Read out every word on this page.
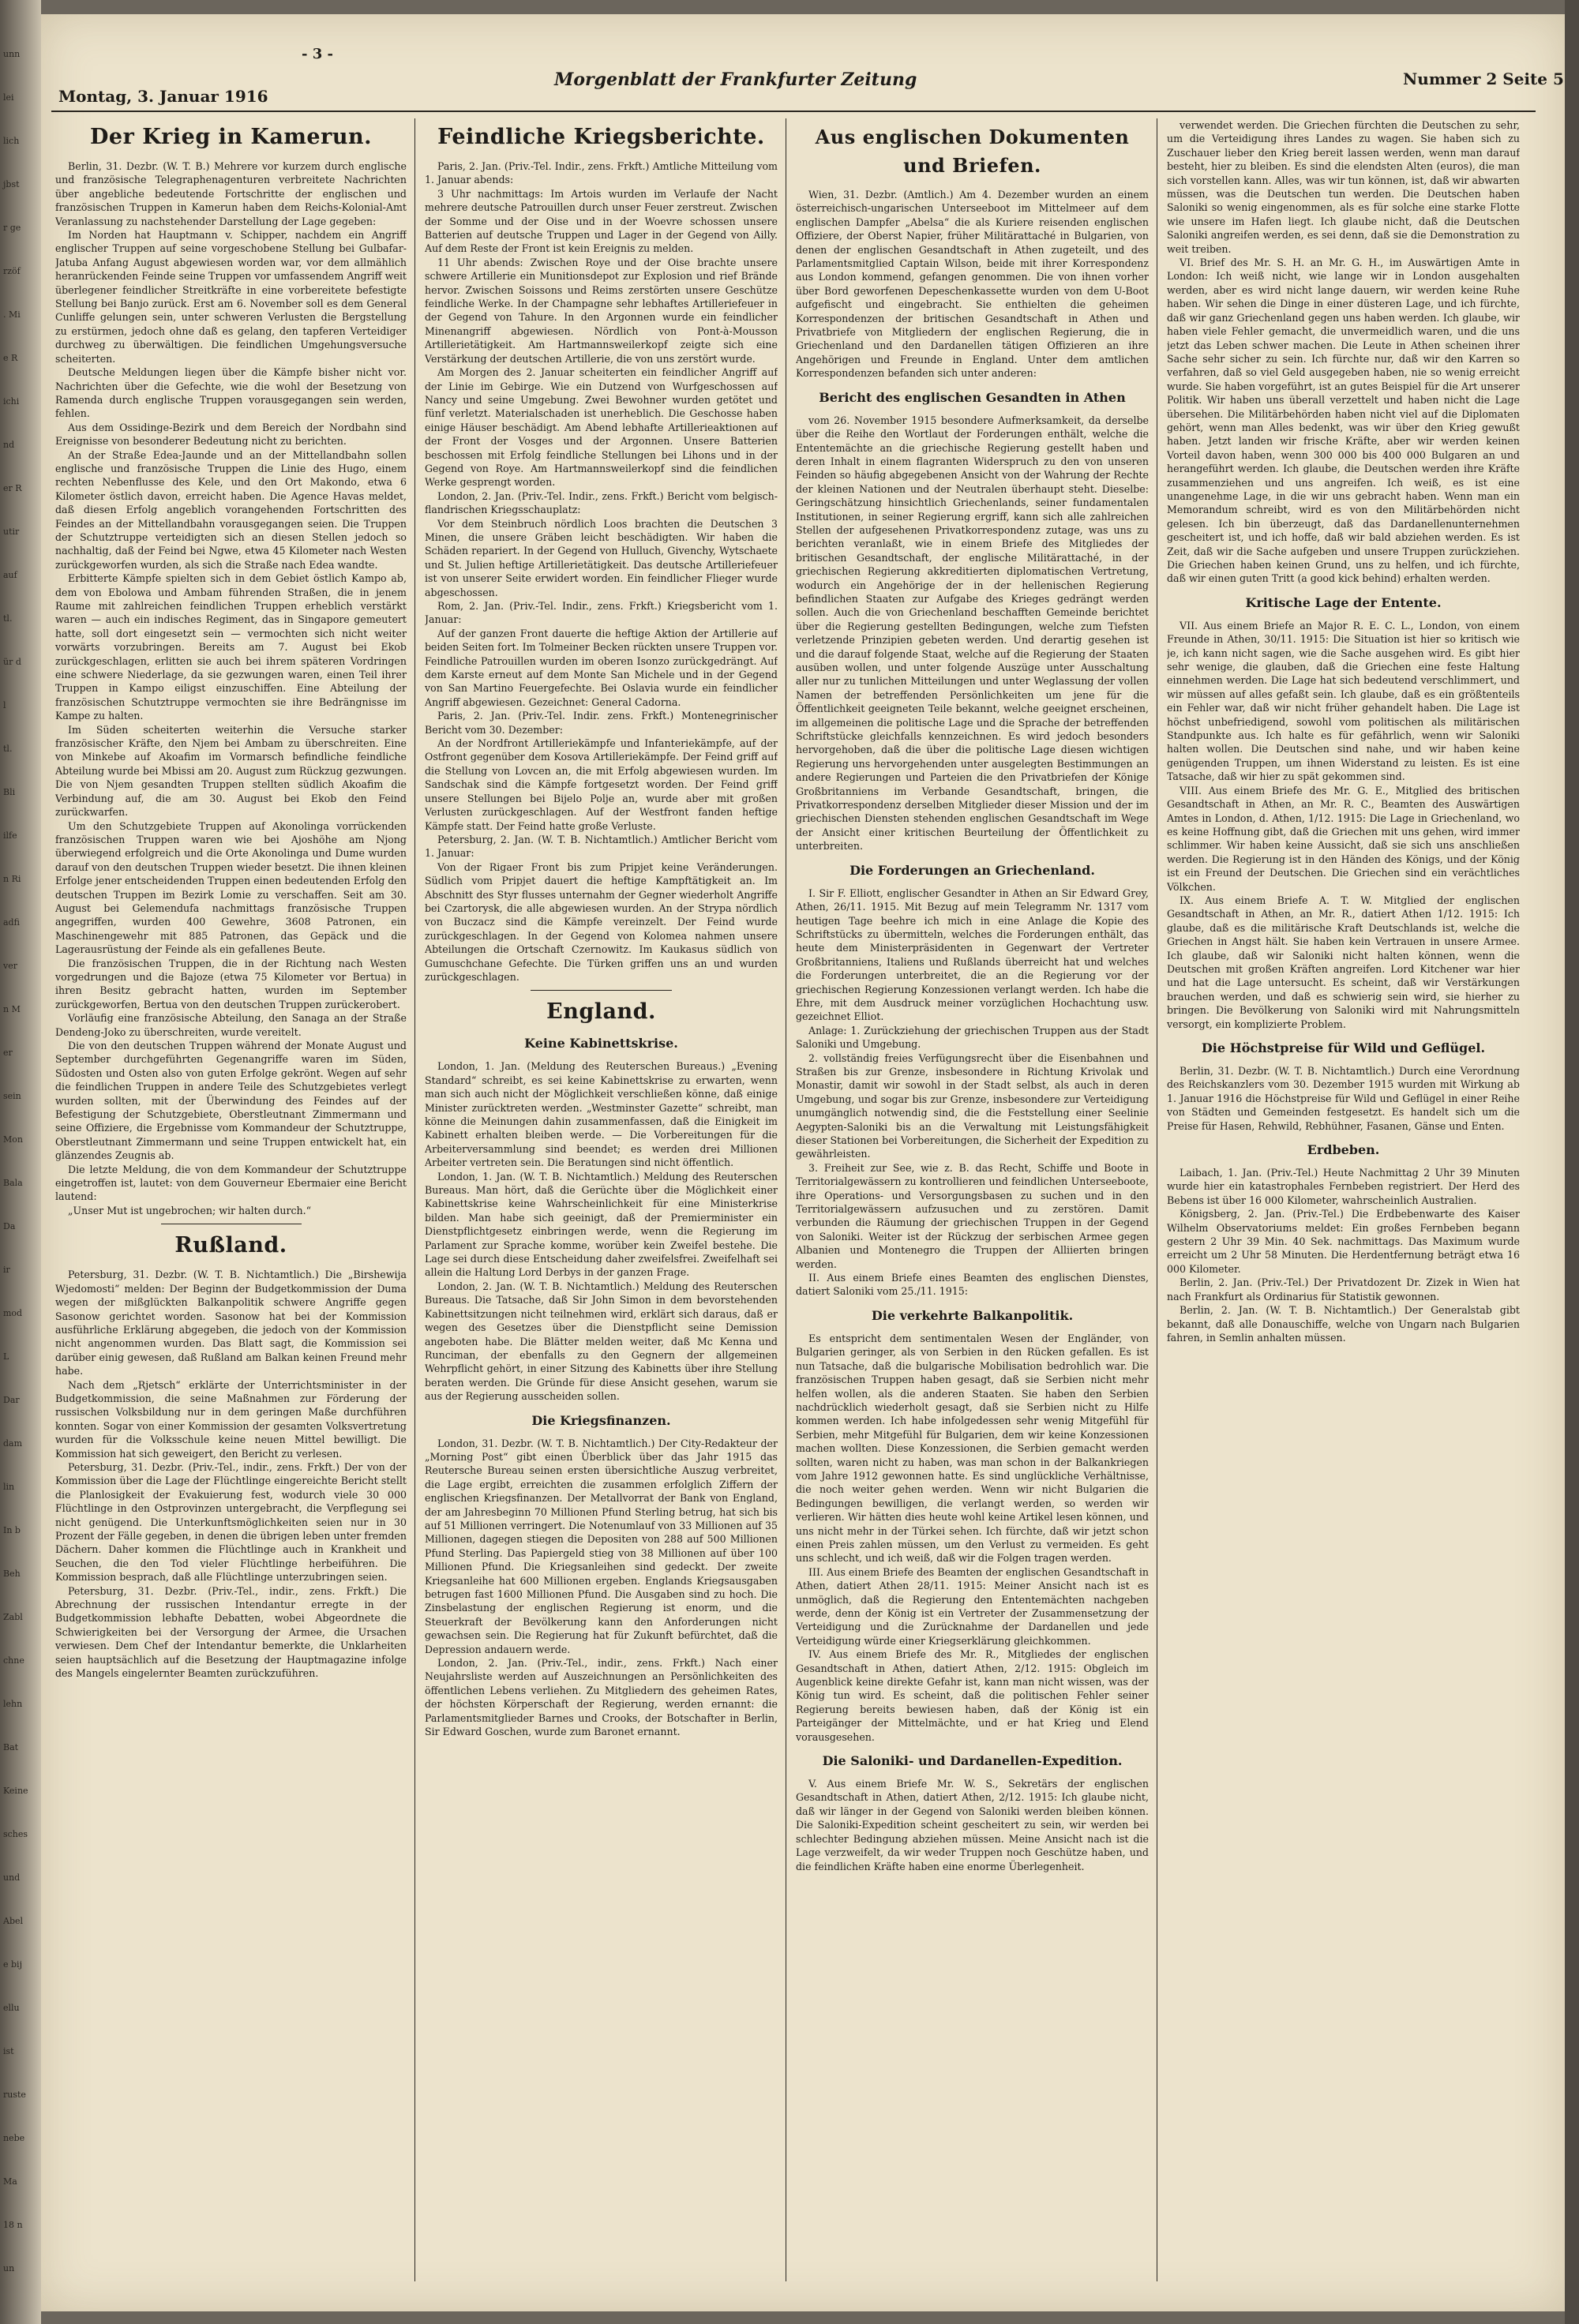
unn
lei
lich
jbst
r ge
rzöf
. Mi
e R
ichi
nd
er R
utir
auf
tl.
ür d
l
tl.
Bli
ilfe
n Ri
adfi
ver
n M
er
sein
Mon
Bala
Da
ir
mod
L
Dar
dam
lin
In b
Beh
Zabl
chne
lehn
Bat
Keine
sches
und
Abel
e bij
ellu
ist
ruste
nebe
Ma
18 n
un
- 3 -
Morgenblatt der Frankfurter Zeitung
Montag, 3. Januar 1916
Nummer 2 Seite 5
Der Krieg in Kamerun.

Berlin, 31. Dezbr. (W. T. B.) Mehrere vor kurzem durch englische und französische Telegraphenagenturen verbreitete Nachrichten über angebliche bedeutende Fortschritte der englischen und französischen Truppen in Kamerun haben dem Reichs-Kolonial-Amt Veranlassung zu nachstehender Darstellung der Lage gegeben:

Im Norden hat Hauptmann v. Schipper, nachdem ein Angriff englischer Truppen auf seine vorgeschobene Stellung bei Gulbafar-Jatuba Anfang August abgewiesen worden war, vor dem allmählich heranrückenden Feinde seine Truppen vor umfassendem Angriff weit überlegener feindlicher Streitkräfte in eine vorbereitete befestigte Stellung bei Banjo zurück. Erst am 6. November soll es dem General Cunliffe gelungen sein, unter schweren Verlusten die Bergstellung zu erstürmen, jedoch ohne daß es gelang, den tapferen Verteidiger durchweg zu überwältigen. Die feindlichen Umgehungsversuche scheiterten.

Deutsche Meldungen liegen über die Kämpfe bisher nicht vor. Nachrichten über die Gefechte, wie die wohl der Besetzung von Ramenda durch englische Truppen vorausgegangen sein werden, fehlen.

Aus dem Ossidinge-Bezirk und dem Bereich der Nordbahn sind Ereignisse von besonderer Bedeutung nicht zu berichten.

An der Straße Edea-Jaunde und an der Mittellandbahn sollen englische und französische Truppen die Linie des Hugo, einem rechten Nebenflusse des Kele, und den Ort Makondo, etwa 6 Kilometer östlich davon, erreicht haben. Die Agence Havas meldet, daß diesen Erfolg angeblich vorangehenden Fortschritten des Feindes an der Mittellandbahn vorausgegangen seien. Die Truppen der Schutztruppe verteidigten sich an diesen Stellen jedoch so nachhaltig, daß der Feind bei Ngwe, etwa 45 Kilometer nach Westen zurückgeworfen wurden, als sich die Straße nach Edea wandte.

Erbitterte Kämpfe spielten sich in dem Gebiet östlich Kampo ab, dem von Ebolowa und Ambam führenden Straßen, die in jenem Raume mit zahlreichen feindlichen Truppen erheblich verstärkt waren — auch ein indisches Regiment, das in Singapore gemeutert hatte, soll dort eingesetzt sein — vermochten sich nicht weiter vorwärts vorzubringen. Bereits am 7. August bei Ekob zurückgeschlagen, erlitten sie auch bei ihrem späteren Vordringen eine schwere Niederlage, da sie gezwungen waren, einen Teil ihrer Truppen in Kampo eiligst einzuschiffen. Eine Abteilung der französischen Schutztruppe vermochten sie ihre Bedrängnisse im Kampe zu halten.

Im Süden scheiterten weiterhin die Versuche starker französischer Kräfte, den Njem bei Ambam zu überschreiten. Eine von Minkebe auf Akoafim im Vormarsch befindliche feindliche Abteilung wurde bei Mbissi am 20. August zum Rückzug gezwungen. Die von Njem gesandten Truppen stellten südlich Akoafim die Verbindung auf, die am 30. August bei Ekob den Feind zurückwarfen.

Um den Schutzgebiete Truppen auf Akonolinga vorrückenden französischen Truppen waren wie bei Ajoshöhe am Njong überwiegend erfolgreich und die Orte Akonolinga und Dume wurden darauf von den deutschen Truppen wieder besetzt. Die ihnen kleinen Erfolge jener entscheidenden Truppen einen bedeutenden Erfolg den deutschen Truppen im Bezirk Lomie zu verschaffen. Seit am 30. August bei Gelemendufa nachmittags französische Truppen angegriffen, wurden 400 Gewehre, 3608 Patronen, ein Maschinengewehr mit 885 Patronen, das Gepäck und die Lagerausrüstung der Feinde als ein gefallenes Beute.

Die französischen Truppen, die in der Richtung nach Westen vorgedrungen und die Bajoze (etwa 75 Kilometer vor Bertua) in ihren Besitz gebracht hatten, wurden im September zurückgeworfen, Bertua von den deutschen Truppen zurückerobert.

Vorläufig eine französische Abteilung, den Sanaga an der Straße Dendeng-Joko zu überschreiten, wurde vereitelt.

Die von den deutschen Truppen während der Monate August und September durchgeführten Gegenangriffe waren im Süden, Südosten und Osten also von guten Erfolge gekrönt. Wegen auf sehr die feindlichen Truppen in andere Teile des Schutzgebietes verlegt wurden sollten, mit der Überwindung des Feindes auf der Befestigung der Schutzgebiete, Oberstleutnant Zimmermann und seine Offiziere, die Ergebnisse vom Kommandeur der Schutztruppe, Oberstleutnant Zimmermann und seine Truppen entwickelt hat, ein glänzendes Zeugnis ab.

Die letzte Meldung, die von dem Kommandeur der Schutztruppe eingetroffen ist, lautet: von dem Gouverneur Ebermaier eine Bericht lautend:

„Unser Mut ist ungebrochen; wir halten durch.“

Rußland.

Petersburg, 31. Dezbr. (W. T. B. Nichtamtlich.) Die „Birshewija Wjedomosti“ melden: Der Beginn der Budgetkommission der Duma wegen der mißglückten Balkanpolitik schwere Angriffe gegen Sasonow gerichtet worden. Sasonow hat bei der Kommission ausführliche Erklärung abgegeben, die jedoch von der Kommission nicht angenommen wurden. Das Blatt sagt, die Kommission sei darüber einig gewesen, daß Rußland am Balkan keinen Freund mehr habe.

Nach dem „Rjetsch“ erklärte der Unterrichtsminister in der Budgetkommission, die seine Maßnahmen zur Förderung der russischen Volksbildung nur in dem geringen Maße durchführen konnten. Sogar von einer Kommission der gesamten Volksvertretung wurden für die Volksschule keine neuen Mittel bewilligt. Die Kommission hat sich geweigert, den Bericht zu verlesen.

Petersburg, 31. Dezbr. (Priv.-Tel., indir., zens. Frkft.) Der von der Kommission über die Lage der Flüchtlinge eingereichte Bericht stellt die Planlosigkeit der Evakuierung fest, wodurch viele 30 000 Flüchtlinge in den Ostprovinzen untergebracht, die Verpflegung sei nicht genügend. Die Unterkunftsmöglichkeiten seien nur in 30 Prozent der Fälle gegeben, in denen die übrigen leben unter fremden Dächern. Daher kommen die Flüchtlinge auch in Krankheit und Seuchen, die den Tod vieler Flüchtlinge herbeiführen. Die Kommission besprach, daß alle Flüchtlinge unterzubringen seien.

Petersburg, 31. Dezbr. (Priv.-Tel., indir., zens. Frkft.) Die Abrechnung der russischen Intendantur erregte in der Budgetkommission lebhafte Debatten, wobei Abgeordnete die Schwierigkeiten bei der Versorgung der Armee, die Ursachen verwiesen. Dem Chef der Intendantur bemerkte, die Unklarheiten seien hauptsächlich auf die Besetzung der Hauptmagazine infolge des Mangels eingelernter Beamten zurückzuführen.

Feindliche Kriegsberichte.

Paris, 2. Jan. (Priv.-Tel. Indir., zens. Frkft.) Amtliche Mitteilung vom 1. Januar abends:

3 Uhr nachmittags: Im Artois wurden im Verlaufe der Nacht mehrere deutsche Patrouillen durch unser Feuer zerstreut. Zwischen der Somme und der Oise und in der Woevre schossen unsere Batterien auf deutsche Truppen und Lager in der Gegend von Ailly. Auf dem Reste der Front ist kein Ereignis zu melden.

11 Uhr abends: Zwischen Roye und der Oise brachte unsere schwere Artillerie ein Munitionsdepot zur Explosion und rief Brände hervor. Zwischen Soissons und Reims zerstörten unsere Geschütze feindliche Werke. In der Champagne sehr lebhaftes Artilleriefeuer in der Gegend von Tahure. In den Argonnen wurde ein feindlicher Minenangriff abgewiesen. Nördlich von Pont-à-Mousson Artillerietätigkeit. Am Hartmannsweilerkopf zeigte sich eine Verstärkung der deutschen Artillerie, die von uns zerstört wurde.

Am Morgen des 2. Januar scheiterten ein feindlicher Angriff auf der Linie im Gebirge. Wie ein Dutzend von Wurfgeschossen auf Nancy und seine Umgebung. Zwei Bewohner wurden getötet und fünf verletzt. Materialschaden ist unerheblich. Die Geschosse haben einige Häuser beschädigt. Am Abend lebhafte Artillerieaktionen auf der Front der Vosges und der Argonnen. Unsere Batterien beschossen mit Erfolg feindliche Stellungen bei Lihons und in der Gegend von Roye. Am Hartmannsweilerkopf sind die feindlichen Werke gesprengt worden.

London, 2. Jan. (Priv.-Tel. Indir., zens. Frkft.) Bericht vom belgisch-flandrischen Kriegsschauplatz:

Vor dem Steinbruch nördlich Loos brachten die Deutschen 3 Minen, die unsere Gräben leicht beschädigten. Wir haben die Schäden repariert. In der Gegend von Hulluch, Givenchy, Wytschaete und St. Julien heftige Artillerietätigkeit. Das deutsche Artilleriefeuer ist von unserer Seite erwidert worden. Ein feindlicher Flieger wurde abgeschossen.

Rom, 2. Jan. (Priv.-Tel. Indir., zens. Frkft.) Kriegsbericht vom 1. Januar:

Auf der ganzen Front dauerte die heftige Aktion der Artillerie auf beiden Seiten fort. Im Tolmeiner Becken rückten unsere Truppen vor. Feindliche Patrouillen wurden im oberen Isonzo zurückgedrängt. Auf dem Karste erneut auf dem Monte San Michele und in der Gegend von San Martino Feuergefechte. Bei Oslavia wurde ein feindlicher Angriff abgewiesen. Gezeichnet: General Cadorna.

Paris, 2. Jan. (Priv.-Tel. Indir. zens. Frkft.) Montenegrinischer Bericht vom 30. Dezember:

An der Nordfront Artilleriekämpfe und Infanteriekämpfe, auf der Ostfront gegenüber dem Kosova Artilleriekämpfe. Der Feind griff auf die Stellung von Lovcen an, die mit Erfolg abgewiesen wurden. Im Sandschak sind die Kämpfe fortgesetzt worden. Der Feind griff unsere Stellungen bei Bijelo Polje an, wurde aber mit großen Verlusten zurückgeschlagen. Auf der Westfront fanden heftige Kämpfe statt. Der Feind hatte große Verluste.

Petersburg, 2. Jan. (W. T. B. Nichtamtlich.) Amtlicher Bericht vom 1. Januar:

Von der Rigaer Front bis zum Pripjet keine Veränderungen. Südlich vom Pripjet dauert die heftige Kampftätigkeit an. Im Abschnitt des Styr flusses unternahm der Gegner wiederholt Angriffe bei Czartorysk, die alle abgewiesen wurden. An der Strypa nördlich von Buczacz sind die Kämpfe vereinzelt. Der Feind wurde zurückgeschlagen. In der Gegend von Kolomea nahmen unsere Abteilungen die Ortschaft Czernowitz. Im Kaukasus südlich von Gumuschchane Gefechte. Die Türken griffen uns an und wurden zurückgeschlagen.

England.
Keine Kabinettskrise.

London, 1. Jan. (Meldung des Reuterschen Bureaus.) „Evening Standard“ schreibt, es sei keine Kabinettskrise zu erwarten, wenn man sich auch nicht der Möglichkeit verschließen könne, daß einige Minister zurücktreten werden. „Westminster Gazette“ schreibt, man könne die Meinungen dahin zusammenfassen, daß die Einigkeit im Kabinett erhalten bleiben werde. — Die Vorbereitungen für die Arbeiterversammlung sind beendet; es werden drei Millionen Arbeiter vertreten sein. Die Beratungen sind nicht öffentlich.

London, 1. Jan. (W. T. B. Nichtamtlich.) Meldung des Reuterschen Bureaus. Man hört, daß die Gerüchte über die Möglichkeit einer Kabinettskrise keine Wahrscheinlichkeit für eine Ministerkrise bilden. Man habe sich geeinigt, daß der Premierminister ein Dienstpflichtgesetz einbringen werde, wenn die Regierung im Parlament zur Sprache komme, worüber kein Zweifel bestehe. Die Lage sei durch diese Entscheidung daher zweifelsfrei. Zweifelhaft sei allein die Haltung Lord Derbys in der ganzen Frage.

London, 2. Jan. (W. T. B. Nichtamtlich.) Meldung des Reuterschen Bureaus. Die Tatsache, daß Sir John Simon in dem bevorstehenden Kabinettsitzungen nicht teilnehmen wird, erklärt sich daraus, daß er wegen des Gesetzes über die Dienstpflicht seine Demission angeboten habe. Die Blätter melden weiter, daß Mc Kenna und Runciman, der ebenfalls zu den Gegnern der allgemeinen Wehrpflicht gehört, in einer Sitzung des Kabinetts über ihre Stellung beraten werden. Die Gründe für diese Ansicht gesehen, warum sie aus der Regierung ausscheiden sollen.

Die Kriegsfinanzen.

London, 31. Dezbr. (W. T. B. Nichtamtlich.) Der City-Redakteur der „Morning Post“ gibt einen Überblick über das Jahr 1915 das Reutersche Bureau seinen ersten übersichtliche Auszug verbreitet, die Lage ergibt, erreichten die zusammen erfolglich Ziffern der englischen Kriegsfinanzen. Der Metallvorrat der Bank von England, der am Jahresbeginn 70 Millionen Pfund Sterling betrug, hat sich bis auf 51 Millionen verringert. Die Notenumlauf von 33 Millionen auf 35 Millionen, dagegen stiegen die Depositen von 288 auf 500 Millionen Pfund Sterling. Das Papiergeld stieg von 38 Millionen auf über 100 Millionen Pfund. Die Kriegsanleihen sind gedeckt. Der zweite Kriegsanleihe hat 600 Millionen ergeben. Englands Kriegsausgaben betrugen fast 1600 Millionen Pfund. Die Ausgaben sind zu hoch. Die Zinsbelastung der englischen Regierung ist enorm, und die Steuerkraft der Bevölkerung kann den Anforderungen nicht gewachsen sein. Die Regierung hat für Zukunft befürchtet, daß die Depression andauern werde.

London, 2. Jan. (Priv.-Tel., indir., zens. Frkft.) Nach einer Neujahrsliste werden auf Auszeichnungen an Persönlichkeiten des öffentlichen Lebens verliehen. Zu Mitgliedern des geheimen Rates, der höchsten Körperschaft der Regierung, werden ernannt: die Parlamentsmitglieder Barnes und Crooks, der Botschafter in Berlin, Sir Edward Goschen, wurde zum Baronet ernannt.

Aus englischen Dokumenten und Briefen.

Wien, 31. Dezbr. (Amtlich.) Am 4. Dezember wurden an einem österreichisch-ungarischen Unterseeboot im Mittelmeer auf dem englischen Dampfer „Abelsa“ die als Kuriere reisenden englischen Offiziere, der Oberst Napier, früher Militärattaché in Bulgarien, von denen der englischen Gesandtschaft in Athen zugeteilt, und des Parlamentsmitglied Captain Wilson, beide mit ihrer Korrespondenz aus London kommend, gefangen genommen. Die von ihnen vorher über Bord geworfenen Depeschenkassette wurden von dem U-Boot aufgefischt und eingebracht. Sie enthielten die geheimen Korrespondenzen der britischen Gesandtschaft in Athen und Privatbriefe von Mitgliedern der englischen Regierung, die in Griechenland und den Dardanellen tätigen Offizieren an ihre Angehörigen und Freunde in England. Unter dem amtlichen Korrespondenzen befanden sich unter anderen:

Bericht des englischen Gesandten in Athen

vom 26. November 1915 besondere Aufmerksamkeit, da derselbe über die Reihe den Wortlaut der Forderungen enthält, welche die Ententemächte an die griechische Regierung gestellt haben und deren Inhalt in einem flagranten Widerspruch zu den von unseren Feinden so häufig abgegebenen Ansicht von der Wahrung der Rechte der kleinen Nationen und der Neutralen überhaupt steht. Dieselbe: Geringschätzung hinsichtlich Griechenlands, seiner fundamentalen Institutionen, in seiner Regierung ergriff, kann sich alle zahlreichen Stellen der aufgesehenen Privatkorrespondenz zutage, was uns zu berichten veranlaßt, wie in einem Briefe des Mitgliedes der britischen Gesandtschaft, der englische Militärattaché, in der griechischen Regierung akkreditierten diplomatischen Vertretung, wodurch ein Angehörige der in der hellenischen Regierung befindlichen Staaten zur Aufgabe des Krieges gedrängt werden sollen. Auch die von Griechenland beschafften Gemeinde berichtet über die Regierung gestellten Bedingungen, welche zum Tiefsten verletzende Prinzipien gebeten werden. Und derartig gesehen ist und die darauf folgende Staat, welche auf die Regierung der Staaten ausüben wollen, und unter folgende Auszüge unter Ausschaltung aller nur zu tunlichen Mitteilungen und unter Weglassung der vollen Namen der betreffenden Persönlichkeiten um jene für die Öffentlichkeit geeigneten Teile bekannt, welche geeignet erscheinen, im allgemeinen die politische Lage und die Sprache der betreffenden Schriftstücke gleichfalls kennzeichnen. Es wird jedoch besonders hervorgehoben, daß die über die politische Lage diesen wichtigen Regierung uns hervorgehenden unter ausgelegten Bestimmungen an andere Regierungen und Parteien die den Privatbriefen der Könige Großbritanniens im Verbande Gesandtschaft, bringen, die Privatkorrespondenz derselben Mitglieder dieser Mission und der im griechischen Diensten stehenden englischen Gesandtschaft im Wege der Ansicht einer kritischen Beurteilung der Öffentlichkeit zu unterbreiten.

Die Forderungen an Griechenland.

I. Sir F. Elliott, englischer Gesandter in Athen an Sir Edward Grey, Athen, 26/11. 1915. Mit Bezug auf mein Telegramm Nr. 1317 vom heutigen Tage beehre ich mich in eine Anlage die Kopie des Schriftstücks zu übermitteln, welches die Forderungen enthält, das heute dem Ministerpräsidenten in Gegenwart der Vertreter Großbritanniens, Italiens und Rußlands überreicht hat und welches die Forderungen unterbreitet, die an die Regierung vor der griechischen Regierung Konzessionen verlangt werden. Ich habe die Ehre, mit dem Ausdruck meiner vorzüglichen Hochachtung usw. gezeichnet Elliot.

Anlage: 1. Zurückziehung der griechischen Truppen aus der Stadt Saloniki und Umgebung.

2. vollständig freies Verfügungsrecht über die Eisenbahnen und Straßen bis zur Grenze, insbesondere in Richtung Krivolak und Monastir, damit wir sowohl in der Stadt selbst, als auch in deren Umgebung, und sogar bis zur Grenze, insbesondere zur Verteidigung unumgänglich notwendig sind, die die Feststellung einer Seelinie Aegypten-Saloniki bis an die Verwaltung mit Leistungsfähigkeit dieser Stationen bei Vorbereitungen, die Sicherheit der Expedition zu gewährleisten.

3. Freiheit zur See, wie z. B. das Recht, Schiffe und Boote in Territorialgewässern zu kontrollieren und feindlichen Unterseeboote, ihre Operations- und Versorgungsbasen zu suchen und in den Territorialgewässern aufzusuchen und zu zerstören. Damit verbunden die Räumung der griechischen Truppen in der Gegend von Saloniki. Weiter ist der Rückzug der serbischen Armee gegen Albanien und Montenegro die Truppen der Alliierten bringen werden.

II. Aus einem Briefe eines Beamten des englischen Dienstes, datiert Saloniki vom 25./11. 1915:

Die verkehrte Balkanpolitik.

Es entspricht dem sentimentalen Wesen der Engländer, von Bulgarien geringer, als von Serbien in den Rücken gefallen. Es ist nun Tatsache, daß die bulgarische Mobilisation bedrohlich war. Die französischen Truppen haben gesagt, daß sie Serbien nicht mehr helfen wollen, als die anderen Staaten. Sie haben den Serbien nachdrücklich wiederholt gesagt, daß sie Serbien nicht zu Hilfe kommen werden. Ich habe infolgedessen sehr wenig Mitgefühl für Serbien, mehr Mitgefühl für Bulgarien, dem wir keine Konzessionen machen wollten. Diese Konzessionen, die Serbien gemacht werden sollten, waren nicht zu haben, was man schon in der Balkankriegen vom Jahre 1912 gewonnen hatte. Es sind unglückliche Verhältnisse, die noch weiter gehen werden. Wenn wir nicht Bulgarien die Bedingungen bewilligen, die verlangt werden, so werden wir verlieren. Wir hätten dies heute wohl keine Artikel lesen können, und uns nicht mehr in der Türkei sehen. Ich fürchte, daß wir jetzt schon einen Preis zahlen müssen, um den Verlust zu vermeiden. Es geht uns schlecht, und ich weiß, daß wir die Folgen tragen werden.

III. Aus einem Briefe des Beamten der englischen Gesandtschaft in Athen, datiert Athen 28/11. 1915: Meiner Ansicht nach ist es unmöglich, daß die Regierung den Ententemächten nachgeben werde, denn der König ist ein Vertreter der Zusammensetzung der Verteidigung und die Zurücknahme der Dardanellen und jede Verteidigung würde einer Kriegserklärung gleichkommen.

IV. Aus einem Briefe des Mr. R., Mitgliedes der englischen Gesandtschaft in Athen, datiert Athen, 2/12. 1915: Obgleich im Augenblick keine direkte Gefahr ist, kann man nicht wissen, was der König tun wird. Es scheint, daß die politischen Fehler seiner Regierung bereits bewiesen haben, daß der König ist ein Parteigänger der Mittelmächte, und er hat Krieg und Elend vorausgesehen.

Die Saloniki- und Dardanellen-Expedition.

V. Aus einem Briefe Mr. W. S., Sekretärs der englischen Gesandtschaft in Athen, datiert Athen, 2/12. 1915: Ich glaube nicht, daß wir länger in der Gegend von Saloniki werden bleiben können. Die Saloniki-Expedition scheint gescheitert zu sein, wir werden bei schlechter Bedingung abziehen müssen. Meine Ansicht nach ist die Lage verzweifelt, da wir weder Truppen noch Geschütze haben, und die feindlichen Kräfte haben eine enorme Überlegenheit.

verwendet werden. Die Griechen fürchten die Deutschen zu sehr, um die Verteidigung ihres Landes zu wagen. Sie haben sich zu Zuschauer lieber den Krieg bereit lassen werden, wenn man darauf besteht, hier zu bleiben. Es sind die elendsten Alten (euros), die man sich vorstellen kann. Alles, was wir tun können, ist, daß wir abwarten müssen, was die Deutschen tun werden. Die Deutschen haben Saloniki so wenig eingenommen, als es für solche eine starke Flotte wie unsere im Hafen liegt. Ich glaube nicht, daß die Deutschen Saloniki angreifen werden, es sei denn, daß sie die Demonstration zu weit treiben.

VI. Brief des Mr. S. H. an Mr. G. H., im Auswärtigen Amte in London: Ich weiß nicht, wie lange wir in London ausgehalten werden, aber es wird nicht lange dauern, wir werden keine Ruhe haben. Wir sehen die Dinge in einer düsteren Lage, und ich fürchte, daß wir ganz Griechenland gegen uns haben werden. Ich glaube, wir haben viele Fehler gemacht, die unvermeidlich waren, und die uns jetzt das Leben schwer machen. Die Leute in Athen scheinen ihrer Sache sehr sicher zu sein. Ich fürchte nur, daß wir den Karren so verfahren, daß so viel Geld ausgegeben haben, nie so wenig erreicht wurde. Sie haben vorgeführt, ist an gutes Beispiel für die Art unserer Politik. Wir haben uns überall verzettelt und haben nicht die Lage übersehen. Die Militärbehörden haben nicht viel auf die Diplomaten gehört, wenn man Alles bedenkt, was wir über den Krieg gewußt haben. Jetzt landen wir frische Kräfte, aber wir werden keinen Vorteil davon haben, wenn 300 000 bis 400 000 Bulgaren an und herangeführt werden. Ich glaube, die Deutschen werden ihre Kräfte zusammenziehen und uns angreifen. Ich weiß, es ist eine unangenehme Lage, in die wir uns gebracht haben. Wenn man ein Memorandum schreibt, wird es von den Militärbehörden nicht gelesen. Ich bin überzeugt, daß das Dardanellenunternehmen gescheitert ist, und ich hoffe, daß wir bald abziehen werden. Es ist Zeit, daß wir die Sache aufgeben und unsere Truppen zurückziehen. Die Griechen haben keinen Grund, uns zu helfen, und ich fürchte, daß wir einen guten Tritt (a good kick behind) erhalten werden.

Kritische Lage der Entente.

VII. Aus einem Briefe an Major R. E. C. L., London, von einem Freunde in Athen, 30/11. 1915: Die Situation ist hier so kritisch wie je, ich kann nicht sagen, wie die Sache ausgehen wird. Es gibt hier sehr wenige, die glauben, daß die Griechen eine feste Haltung einnehmen werden. Die Lage hat sich bedeutend verschlimmert, und wir müssen auf alles gefaßt sein. Ich glaube, daß es ein größtenteils ein Fehler war, daß wir nicht früher gehandelt haben. Die Lage ist höchst unbefriedigend, sowohl vom politischen als militärischen Standpunkte aus. Ich halte es für gefährlich, wenn wir Saloniki halten wollen. Die Deutschen sind nahe, und wir haben keine genügenden Truppen, um ihnen Widerstand zu leisten. Es ist eine Tatsache, daß wir hier zu spät gekommen sind.

VIII. Aus einem Briefe des Mr. G. E., Mitglied des britischen Gesandtschaft in Athen, an Mr. R. C., Beamten des Auswärtigen Amtes in London, d. Athen, 1/12. 1915: Die Lage in Griechenland, wo es keine Hoffnung gibt, daß die Griechen mit uns gehen, wird immer schlimmer. Wir haben keine Aussicht, daß sie sich uns anschließen werden. Die Regierung ist in den Händen des Königs, und der König ist ein Freund der Deutschen. Die Griechen sind ein verächtliches Völkchen.

IX. Aus einem Briefe A. T. W. Mitglied der englischen Gesandtschaft in Athen, an Mr. R., datiert Athen 1/12. 1915: Ich glaube, daß es die militärische Kraft Deutschlands ist, welche die Griechen in Angst hält. Sie haben kein Vertrauen in unsere Armee. Ich glaube, daß wir Saloniki nicht halten können, wenn die Deutschen mit großen Kräften angreifen. Lord Kitchener war hier und hat die Lage untersucht. Es scheint, daß wir Verstärkungen brauchen werden, und daß es schwierig sein wird, sie hierher zu bringen. Die Bevölkerung von Saloniki wird mit Nahrungsmitteln versorgt, ein komplizierte Problem.

Die Höchstpreise für Wild und Geflügel.

Berlin, 31. Dezbr. (W. T. B. Nichtamtlich.) Durch eine Verordnung des Reichskanzlers vom 30. Dezember 1915 wurden mit Wirkung ab 1. Januar 1916 die Höchstpreise für Wild und Geflügel in einer Reihe von Städten und Gemeinden festgesetzt. Es handelt sich um die Preise für Hasen, Rehwild, Rebhühner, Fasanen, Gänse und Enten.

Erdbeben.

Laibach, 1. Jan. (Priv.-Tel.) Heute Nachmittag 2 Uhr 39 Minuten wurde hier ein katastrophales Fernbeben registriert. Der Herd des Bebens ist über 16 000 Kilometer, wahrscheinlich Australien.

Königsberg, 2. Jan. (Priv.-Tel.) Die Erdbebenwarte des Kaiser Wilhelm Observatoriums meldet: Ein großes Fernbeben begann gestern 2 Uhr 39 Min. 40 Sek. nachmittags. Das Maximum wurde erreicht um 2 Uhr 58 Minuten. Die Herdentfernung beträgt etwa 16 000 Kilometer.

Berlin, 2. Jan. (Priv.-Tel.) Der Privatdozent Dr. Zizek in Wien hat nach Frankfurt als Ordinarius für Statistik gewonnen.

Berlin, 2. Jan. (W. T. B. Nichtamtlich.) Der Generalstab gibt bekannt, daß alle Donauschiffe, welche von Ungarn nach Bulgarien fahren, in Semlin anhalten müssen.
